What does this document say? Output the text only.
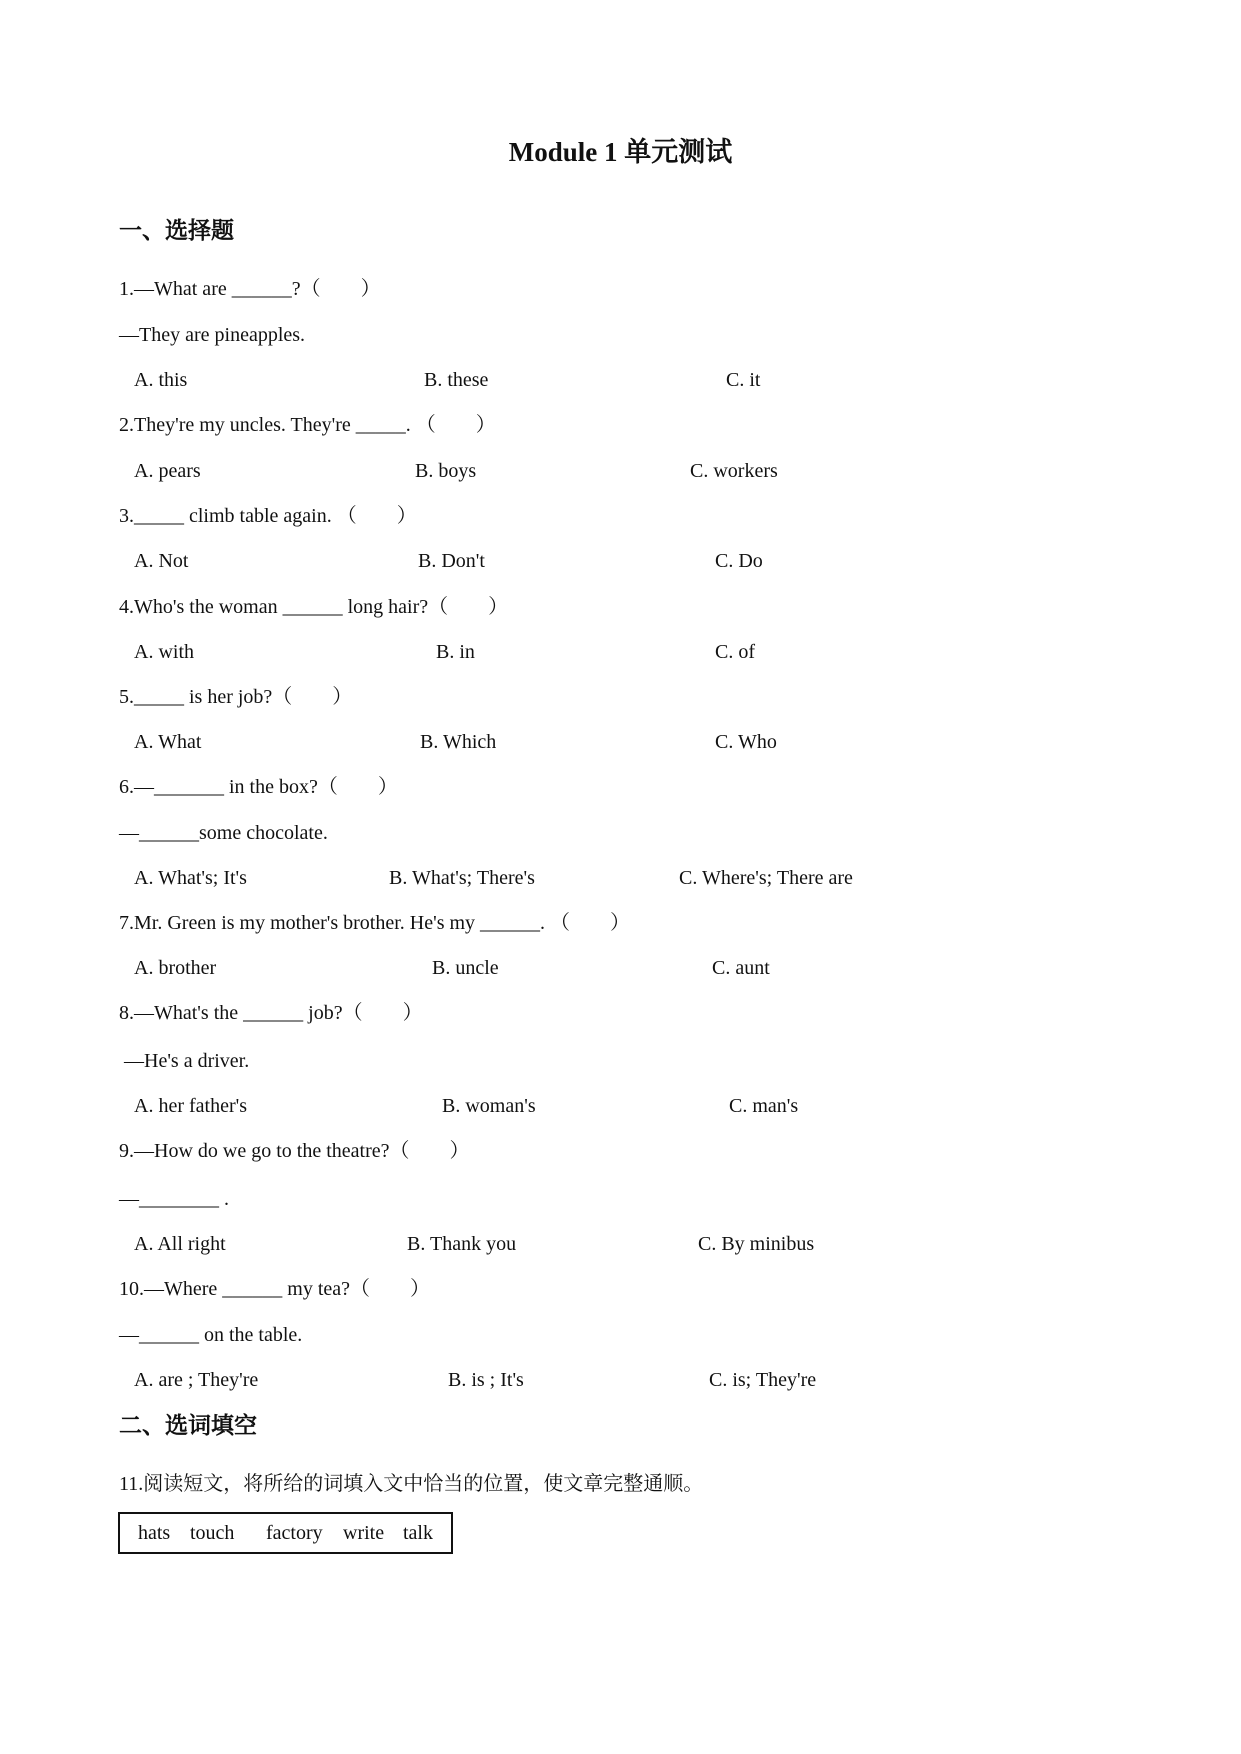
Module 1 单元测试
一、选择题
1.—What are ______?（　　）
—They are pineapples.
A. this	B. these	C. it
2.They're my uncles. They're _____. （　　）
A. pears	B. boys	C. workers
3._____ climb table again. （　　）
A. Not	B. Don't	C. Do
4.Who's the woman ______ long hair?（　　）
A. with	B. in	C. of
5._____ is her job?（　　）
A. What	B. Which	C. Who
6.—_______ in the box?（　　）
—______some chocolate.
A. What's; It's	B. What's; There's	C. Where's; There are
7.Mr. Green is my mother's brother. He's my ______. （　　）
A. brother	B. uncle	C. aunt
8.—What's the ______ job?（　　）
—He's a driver.
A. her father's	B. woman's	C. man's
9.—How do we go to the theatre?（　　）
—________ .
A. All right	B. Thank you	C. By minibus
10.—Where ______ my tea?（　　）
—______ on the table.
A. are ; They're	B. is ; It's	C. is; They're
二、选词填空
11.阅读短文，将所给的词填入文中恰当的位置，使文章完整通顺。

hats

touch

factory

write

talk
